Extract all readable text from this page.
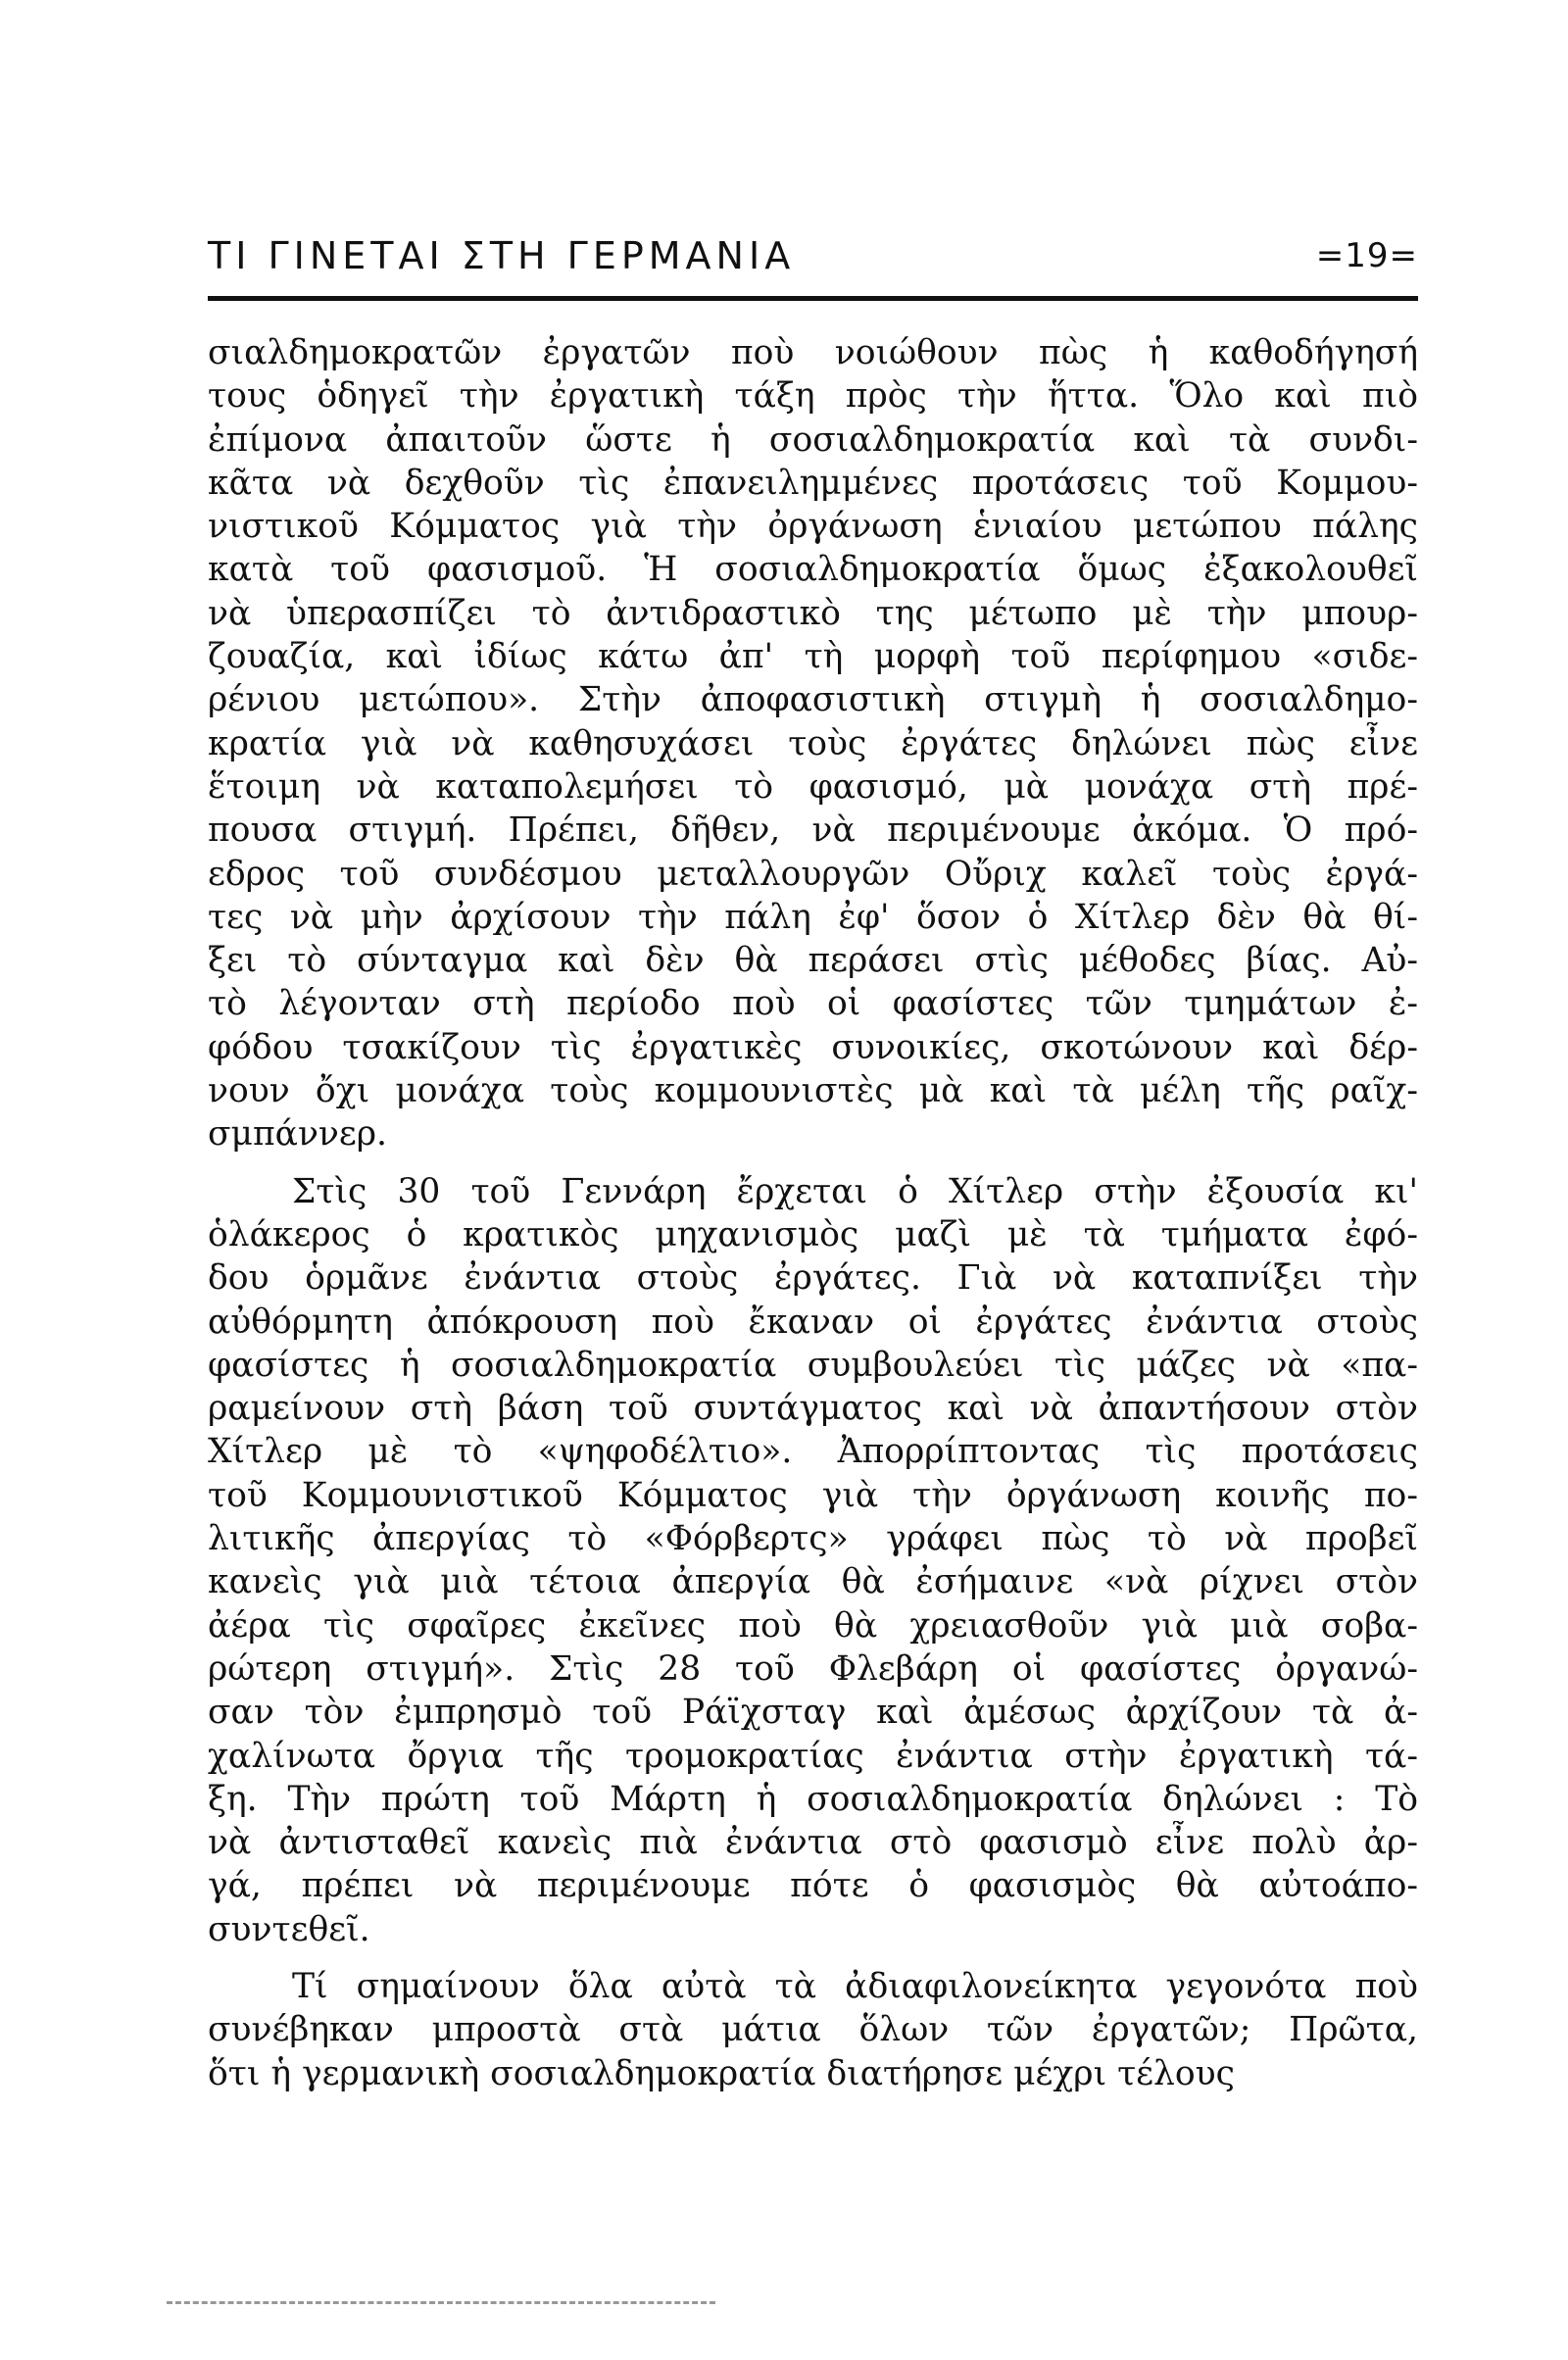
ΤΙ ΓΙΝΕΤΑΙ ΣΤΗ ΓΕΡΜΑΝΙΑ	=19=
σιαλδημοκρατῶν ἐργατῶν ποὺ νοιώθουν πὼς ἡ καθοδήγησή
τους ὁδηγεῖ τὴν ἐργατικὴ τάξη πρὸς τὴν ἥττα. Ὅλο καὶ πιὸ
ἐπίμονα ἀπαιτοῦν ὥστε ἡ σοσιαλδημοκρατία καὶ τὰ συνδι-
κᾶτα νὰ δεχθοῦν τὶς ἐπανειλημμένες προτάσεις τοῦ Κομμου-
νιστικοῦ Κόμματος γιὰ τὴν ὀργάνωση ἑνιαίου μετώπου πάλης
κατὰ τοῦ φασισμοῦ. Ἡ σοσιαλδημοκρατία ὅμως ἐξακολουθεῖ
νὰ ὑπερασπίζει τὸ ἀντιδραστικὸ της μέτωπο μὲ τὴν μπουρ-
ζουαζία, καὶ ἰδίως κάτω ἀπ' τὴ μορφὴ τοῦ περίφημου «σιδε-
ρένιου μετώπου». Στὴν ἀποφασιστικὴ στιγμὴ ἡ σοσιαλδημο-
κρατία γιὰ νὰ καθησυχάσει τοὺς ἐργάτες δηλώνει πὼς εἶνε
ἕτοιμη νὰ καταπολεμήσει τὸ φασισμό, μὰ μονάχα στὴ πρέ-
πουσα στιγμή. Πρέπει, δῆθεν, νὰ περιμένουμε ἀκόμα. Ὁ πρό-
εδρος τοῦ συνδέσμου μεταλλουργῶν Οὔριχ καλεῖ τοὺς ἐργά-
τες νὰ μὴν ἀρχίσουν τὴν πάλη ἐφ' ὅσον ὁ Χίτλερ δὲν θὰ θί-
ξει τὸ σύνταγμα καὶ δὲν θὰ περάσει στὶς μέθοδες βίας. Αὐ-
τὸ λέγονταν στὴ περίοδο ποὺ οἱ φασίστες τῶν τμημάτων ἐ-
φόδου τσακίζουν τὶς ἐργατικὲς συνοικίες, σκοτώνουν καὶ δέρ-
νουν ὄχι μονάχα τοὺς κομμουνιστὲς μὰ καὶ τὰ μέλη τῆς ραῖχ-
σμπάννερ.
Στὶς 30 τοῦ Γεννάρη ἔρχεται ὁ Χίτλερ στὴν ἐξουσία κι'
ὁλάκερος ὁ κρατικὸς μηχανισμὸς μαζὶ μὲ τὰ τμήματα ἐφό-
δου ὁρμᾶνε ἐνάντια στοὺς ἐργάτες. Γιὰ νὰ καταπνίξει τὴν
αὐθόρμητη ἀπόκρουση ποὺ ἔκαναν οἱ ἐργάτες ἐνάντια στοὺς
φασίστες ἡ σοσιαλδημοκρατία συμβουλεύει τὶς μάζες νὰ «πα-
ραμείνουν στὴ βάση τοῦ συντάγματος καὶ νὰ ἀπαντήσουν στὸν
Χίτλερ μὲ τὸ «ψηφοδέλτιο». Ἀπορρίπτοντας τὶς προτάσεις
τοῦ Κομμουνιστικοῦ Κόμματος γιὰ τὴν ὀργάνωση κοινῆς πο-
λιτικῆς ἀπεργίας τὸ «Φόρβερτς» γράφει πὼς τὸ νὰ προβεῖ
κανεὶς γιὰ μιὰ τέτοια ἀπεργία θὰ ἐσήμαινε «νὰ ρίχνει στὸν
ἀέρα τὶς σφαῖρες ἐκεῖνες ποὺ θὰ χρειασθοῦν γιὰ μιὰ σοβα-
ρώτερη στιγμή». Στὶς 28 τοῦ Φλεβάρη οἱ φασίστες ὀργανώ-
σαν τὸν ἐμπρησμὸ τοῦ Ράϊχσταγ καὶ ἀμέσως ἀρχίζουν τὰ ἀ-
χαλίνωτα ὄργια τῆς τρομοκρατίας ἐνάντια στὴν ἐργατικὴ τά-
ξη. Τὴν πρώτη τοῦ Μάρτη ἡ σοσιαλδημοκρατία δηλώνει : Τὸ
νὰ ἀντισταθεῖ κανεὶς πιὰ ἐνάντια στὸ φασισμὸ εἶνε πολὺ ἀρ-
γά, πρέπει νὰ περιμένουμε πότε ὁ φασισμὸς θὰ αὐτοάπο-
συντεθεῖ.
Τί σημαίνουν ὅλα αὐτὰ τὰ ἀδιαφιλονείκητα γεγονότα ποὺ
συνέβηκαν μπροστὰ στὰ μάτια ὅλων τῶν ἐργατῶν; Πρῶτα,
ὅτι ἡ γερμανικὴ σοσιαλδημοκρατία διατήρησε μέχρι τέλους
